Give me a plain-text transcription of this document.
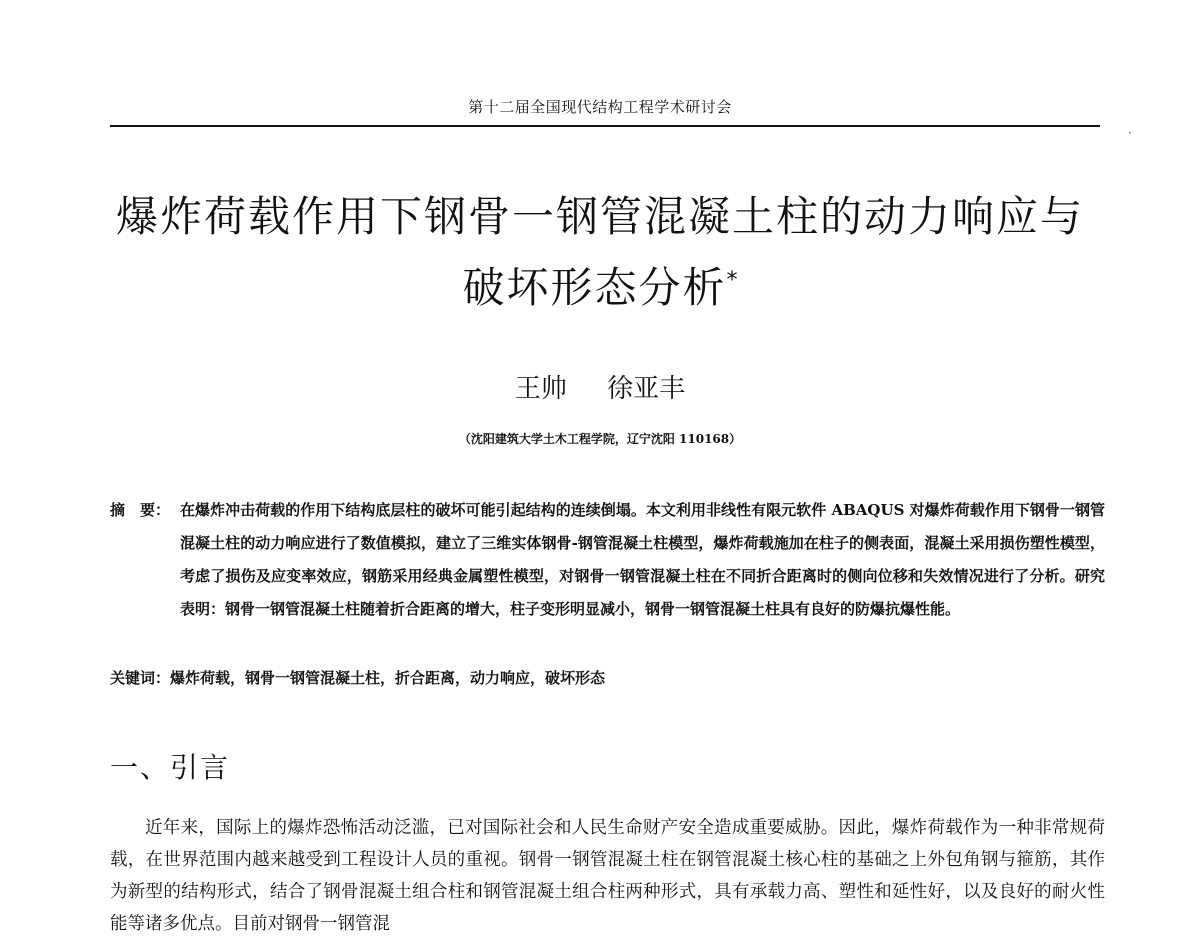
第十二届全国现代结构工程学术研讨会
·
爆炸荷载作用下钢骨一钢管混凝土柱的动力响应与
破坏形态分析*
王帅 徐亚丰
（沈阳建筑大学土木工程学院，辽宁沈阳 110168）
摘　要： 在爆炸冲击荷载的作用下结构底层柱的破坏可能引起结构的连续倒塌。本文利用非线性有限元软件 ABAQUS 对爆炸荷载作用下钢骨一钢管混凝土柱的动力响应进行了数值模拟，建立了三维实体钢骨-钢管混凝土柱模型，爆炸荷载施加在柱子的侧表面，混凝土采用损伤塑性模型，考虑了损伤及应变率效应，钢筋采用经典金属塑性模型，对钢骨一钢管混凝土柱在不同折合距离时的侧向位移和失效情况进行了分析。研究表明：钢骨一钢管混凝土柱随着折合距离的增大，柱子变形明显减小，钢骨一钢管混凝土柱具有良好的防爆抗爆性能。
关键词：爆炸荷载，钢骨一钢管混凝土柱，折合距离，动力响应，破坏形态
一、引言
近年来，国际上的爆炸恐怖活动泛滥，已对国际社会和人民生命财产安全造成重要威胁。因此，爆炸荷载作为一种非常规荷载，在世界范围内越来越受到工程设计人员的重视。钢骨一钢管混凝土柱在钢管混凝土核心柱的基础之上外包角钢与箍筋，其作为新型的结构形式，结合了钢骨混凝土组合柱和钢管混凝土组合柱两种形式，具有承载力高、塑性和延性好，以及良好的耐火性能等诸多优点。目前对钢骨一钢管混
